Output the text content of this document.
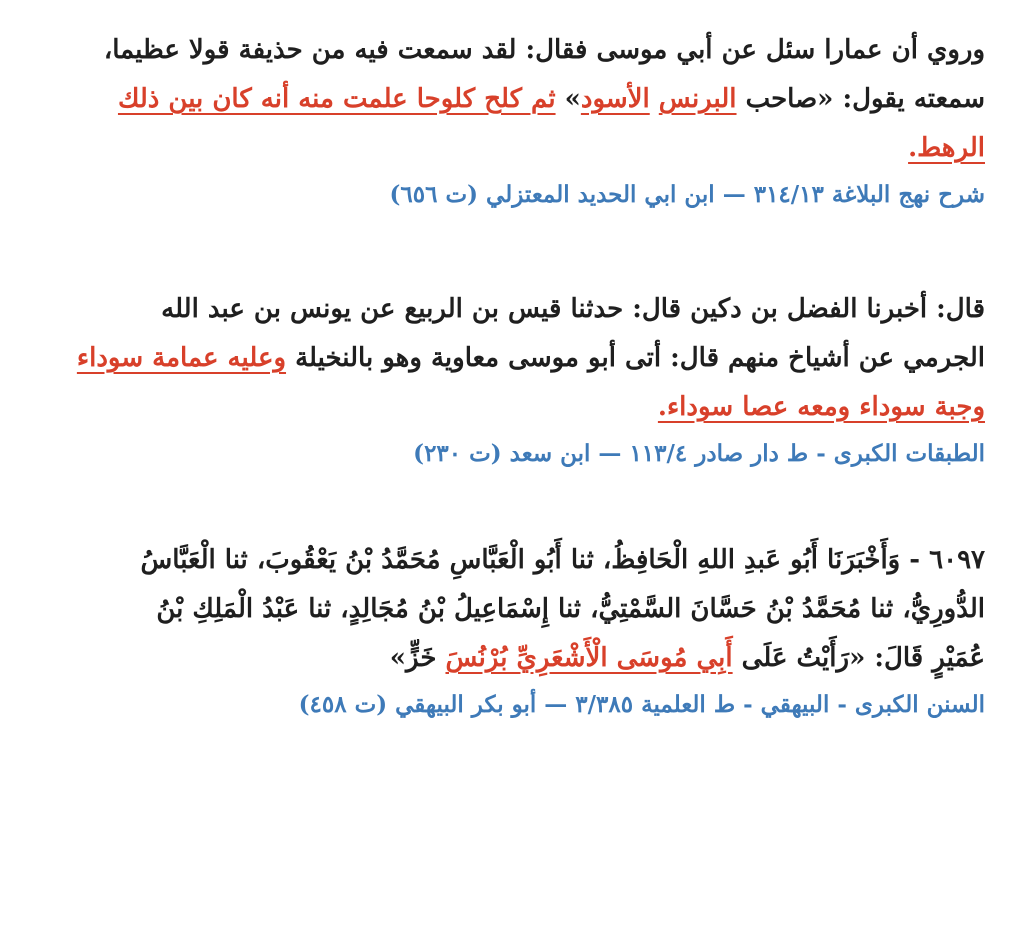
وروي أن عمارا سئل عن أبي موسى فقال: لقد سمعت فيه من حذيفة قولا عظيما،
سمعته يقول: «صاحب البرنس الأسود» ثم كلح كلوحا علمت منه أنه كان بين ذلك
الرهط.
شرح نهج البلاغة ٣١٤/١٣ — ابن ابي الحديد المعتزلي (ت ٦٥٦)
قال: أخبرنا الفضل بن دكين قال: حدثنا قيس بن الربيع عن يونس بن عبد الله
الجرمي عن أشياخ منهم قال: أتى أبو موسى معاوية وهو بالنخيلة وعليه عمامة سوداء
وجبة سوداء ومعه عصا سوداء.
الطبقات الكبرى - ط دار صادر ١١٣/٤ — ابن سعد (ت ٢٣٠)
٦٠٩٧ - وَأَخْبَرَنَا أَبُو عَبدِ اللهِ الْحَافِظُ، ثنا أَبُو الْعَبَّاسِ مُحَمَّدُ بْنُ يَعْقُوبَ، ثنا الْعَبَّاسُ
الدُّورِيُّ، ثنا مُحَمَّدُ بْنُ حَسَّانَ السَّمْتِيُّ، ثنا إِسْمَاعِيلُ بْنُ مُجَالِدٍ، ثنا عَبْدُ الْمَلِكِ بْنُ
عُمَيْرٍ قَالَ: «رَأَيْتُ عَلَى أَبِي مُوسَى الْأَشْعَرِيِّ بُرْنُسَ خَزٍّ»
السنن الكبرى - البيهقي - ط العلمية ٣/٣٨٥ — أبو بكر البيهقي (ت ٤٥٨)
